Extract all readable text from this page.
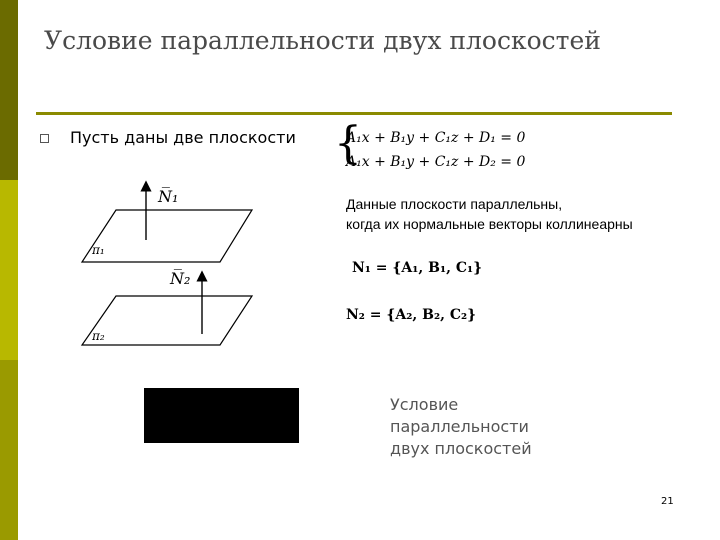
Условие параллельности двух плоскостей
Пусть даны две плоскости {
A₁x + B₁y + C₁z + D₁ = 0
A₁x + B₁y + C₁z + D₂ = 0
Данные плоскости параллельны,
когда их нормальные векторы коллинеарны
N₁ = {A₁, B₁, C₁}
N₂ = {A₂, B₂, C₂}
N̅₁
N̅₂
π₁
π₂
Условие
параллельности
двух плоскостей
21
